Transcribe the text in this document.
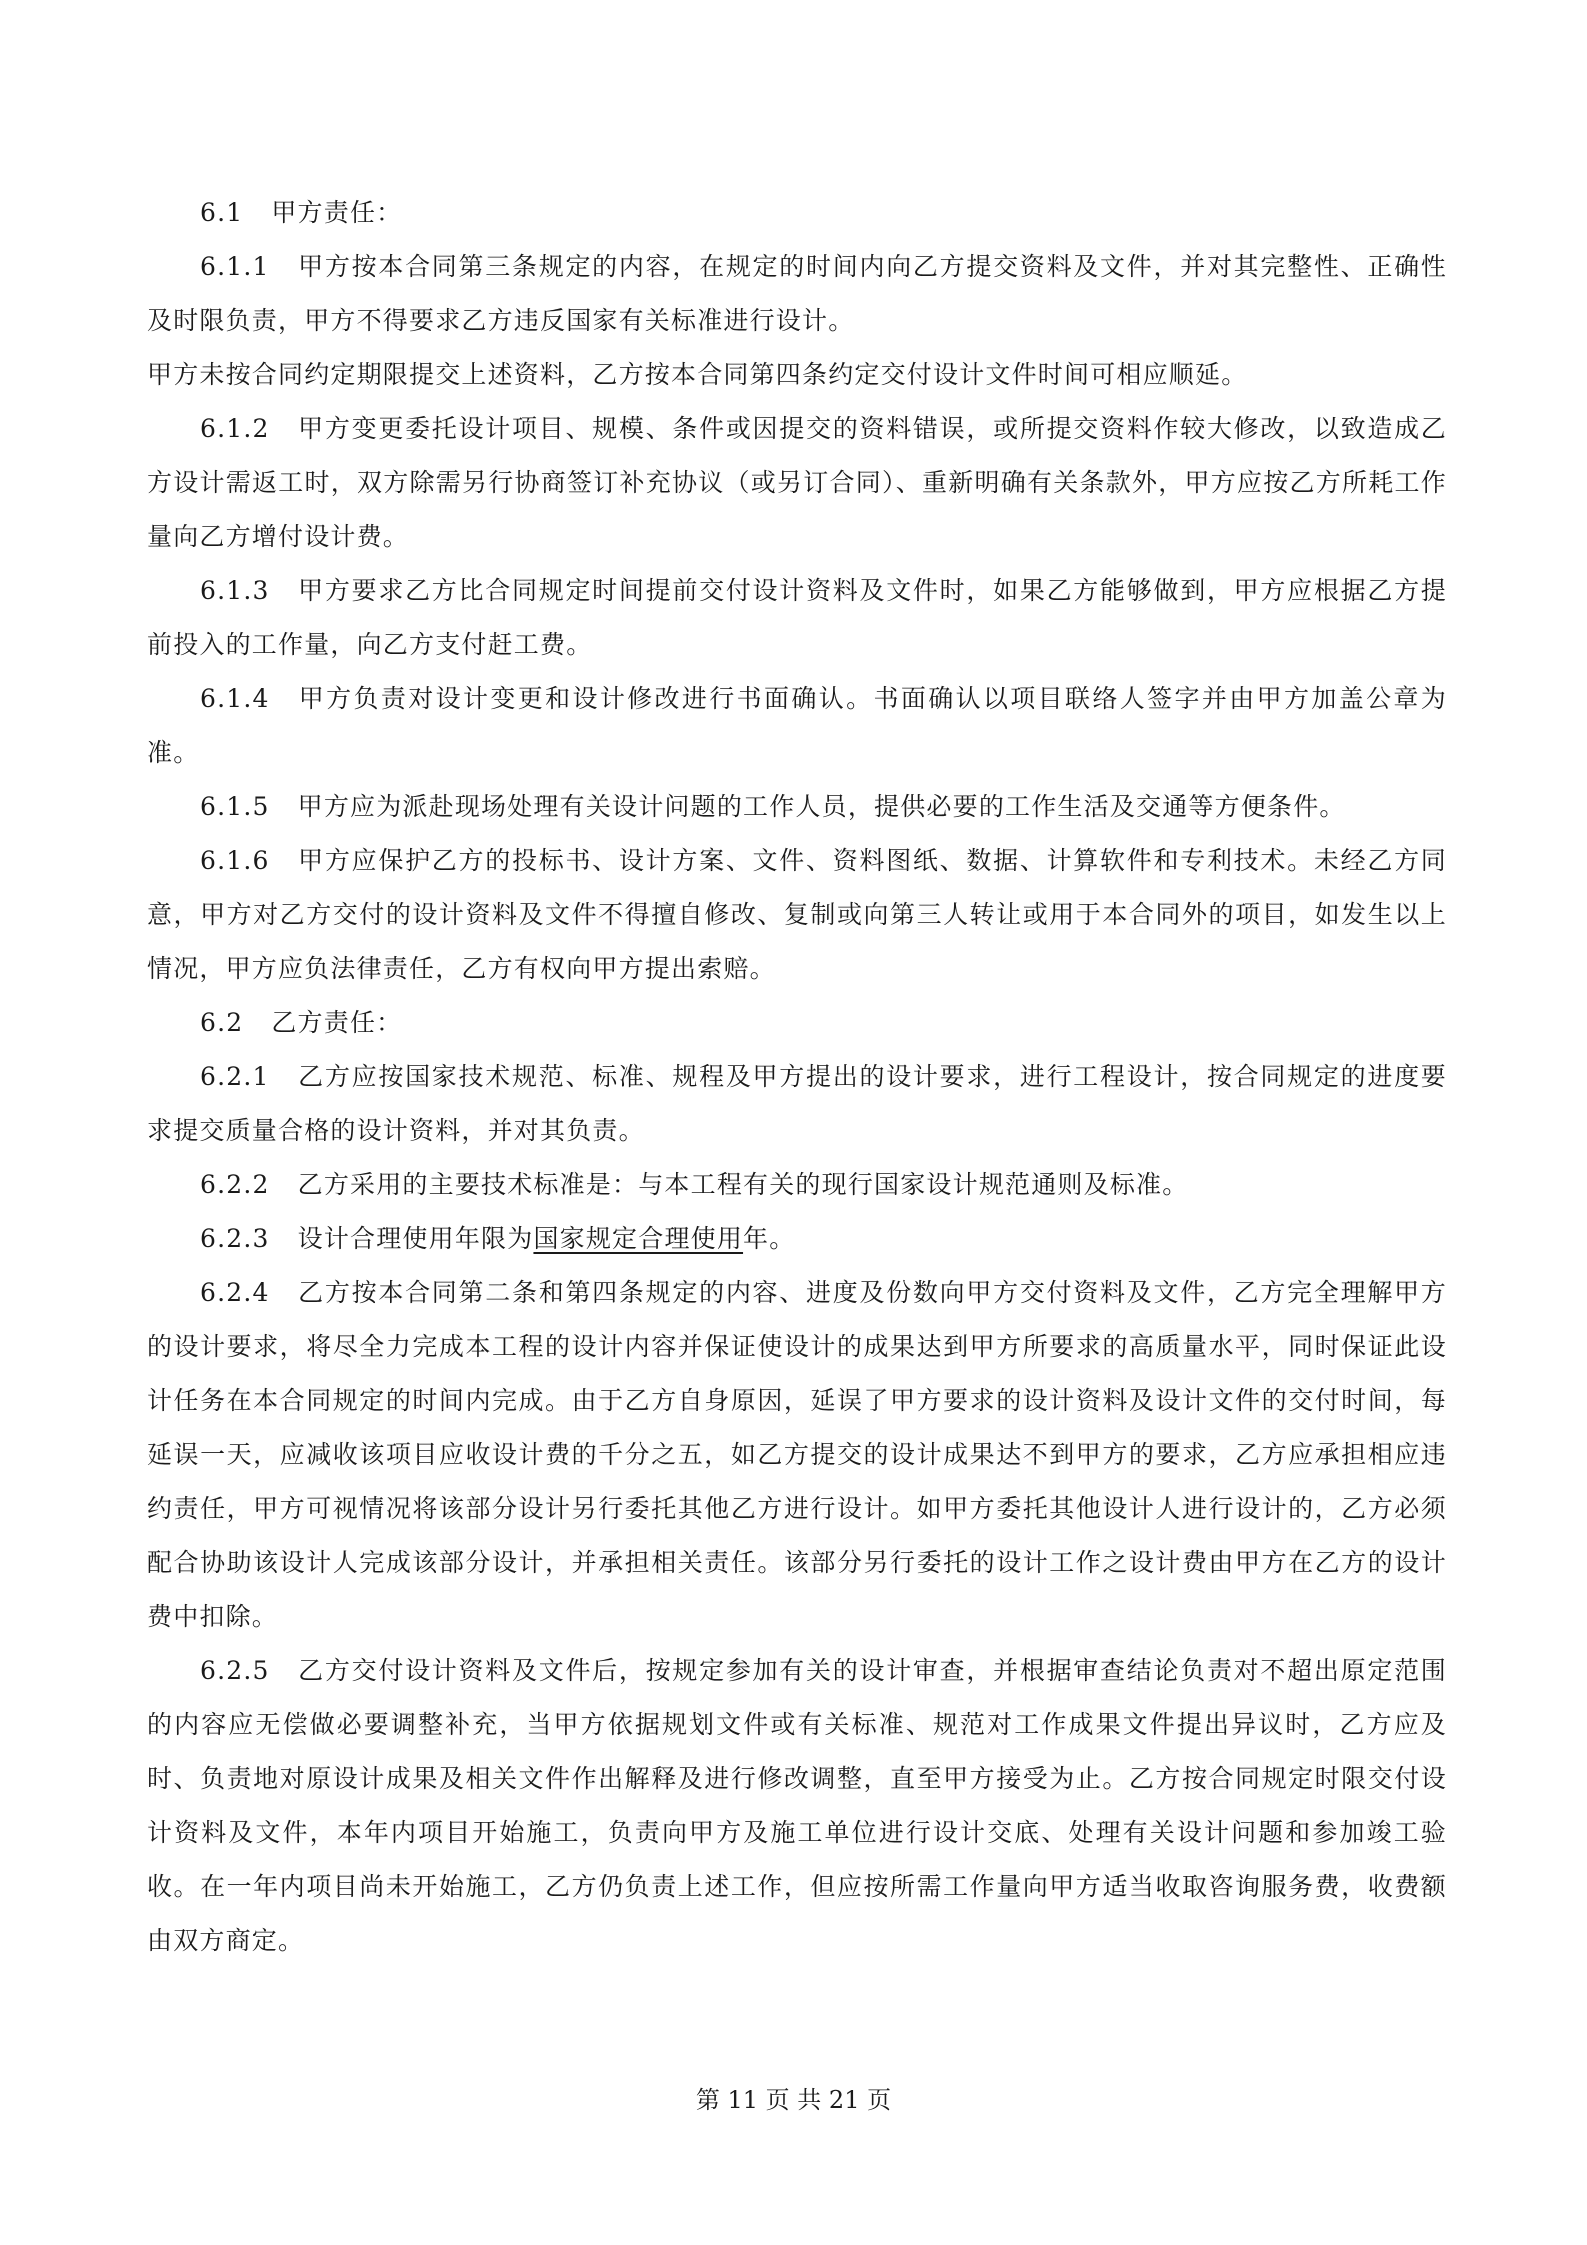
6.1 甲方责任：

6.1.1 甲方按本合同第三条规定的内容，在规定的时间内向乙方提交资料及文件，并对其完整性、正确性及时限负责，甲方不得要求乙方违反国家有关标准进行设计。

甲方未按合同约定期限提交上述资料，乙方按本合同第四条约定交付设计文件时间可相应顺延。

6.1.2 甲方变更委托设计项目、规模、条件或因提交的资料错误，或所提交资料作较大修改，以致造成乙方设计需返工时，双方除需另行协商签订补充协议（或另订合同）、重新明确有关条款外，甲方应按乙方所耗工作量向乙方增付设计费。

6.1.3 甲方要求乙方比合同规定时间提前交付设计资料及文件时，如果乙方能够做到，甲方应根据乙方提前投入的工作量，向乙方支付赶工费。

6.1.4 甲方负责对设计变更和设计修改进行书面确认。书面确认以项目联络人签字并由甲方加盖公章为准。

6.1.5 甲方应为派赴现场处理有关设计问题的工作人员，提供必要的工作生活及交通等方便条件。

6.1.6 甲方应保护乙方的投标书、设计方案、文件、资料图纸、数据、计算软件和专利技术。未经乙方同意，甲方对乙方交付的设计资料及文件不得擅自修改、复制或向第三人转让或用于本合同外的项目，如发生以上情况，甲方应负法律责任，乙方有权向甲方提出索赔。

6.2 乙方责任：

6.2.1 乙方应按国家技术规范、标准、规程及甲方提出的设计要求，进行工程设计，按合同规定的进度要求提交质量合格的设计资料，并对其负责。

6.2.2 乙方采用的主要技术标准是：与本工程有关的现行国家设计规范通则及标准。

6.2.3 设计合理使用年限为国家规定合理使用年。

6.2.4 乙方按本合同第二条和第四条规定的内容、进度及份数向甲方交付资料及文件，乙方完全理解甲方的设计要求，将尽全力完成本工程的设计内容并保证使设计的成果达到甲方所要求的高质量水平，同时保证此设计任务在本合同规定的时间内完成。由于乙方自身原因，延误了甲方要求的设计资料及设计文件的交付时间，每延误一天，应减收该项目应收设计费的千分之五，如乙方提交的设计成果达不到甲方的要求，乙方应承担相应违约责任，甲方可视情况将该部分设计另行委托其他乙方进行设计。如甲方委托其他设计人进行设计的，乙方必须配合协助该设计人完成该部分设计，并承担相关责任。该部分另行委托的设计工作之设计费由甲方在乙方的设计费中扣除。

6.2.5 乙方交付设计资料及文件后，按规定参加有关的设计审查，并根据审查结论负责对不超出原定范围的内容应无偿做必要调整补充，当甲方依据规划文件或有关标准、规范对工作成果文件提出异议时，乙方应及时、负责地对原设计成果及相关文件作出解释及进行修改调整，直至甲方接受为止。乙方按合同规定时限交付设计资料及文件，本年内项目开始施工，负责向甲方及施工单位进行设计交底、处理有关设计问题和参加竣工验收。在一年内项目尚未开始施工，乙方仍负责上述工作，但应按所需工作量向甲方适当收取咨询服务费，收费额由双方商定。

第 11 页 共 21 页
